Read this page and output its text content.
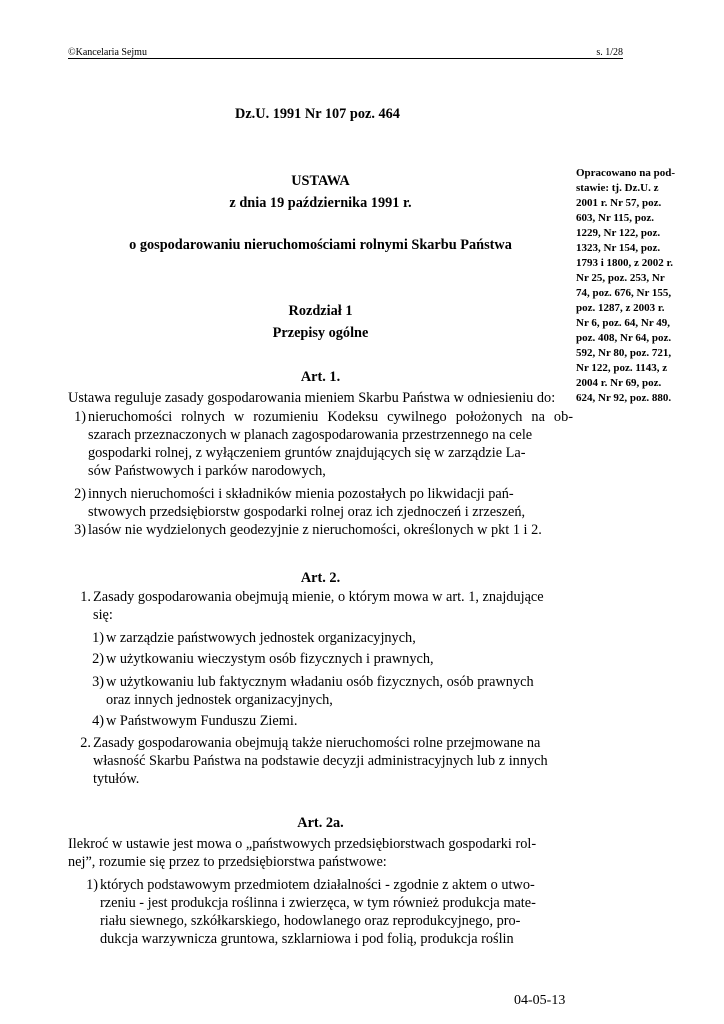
©Kancelaria Sejmu	s. 1/28
Dz.U. 1991 Nr 107 poz. 464
USTAWA
z dnia 19 października 1991 r.
o gospodarowaniu nieruchomościami rolnymi Skarbu Państwa
Opracowano na pod-
stawie: tj. Dz.U. z
2001 r. Nr 57, poz.
603, Nr 115, poz.
1229, Nr 122, poz.
1323, Nr 154, poz.
1793 i 1800, z 2002 r.
Nr 25, poz. 253, Nr
74, poz. 676, Nr 155,
poz. 1287, z 2003 r.
Nr 6, poz. 64, Nr 49,
poz. 408, Nr 64, poz.
592, Nr 80, poz. 721,
Nr 122, poz. 1143, z
2004 r. Nr 69, poz.
624, Nr 92, poz. 880.
Rozdział 1
Przepisy ogólne
Art. 1.
Ustawa reguluje zasady gospodarowania mieniem Skarbu Państwa w odniesieniu do:
1) nieruchomości rolnych w rozumieniu Kodeksu cywilnego położonych na ob-
szarach przeznaczonych w planach zagospodarowania przestrzennego na cele
gospodarki rolnej, z wyłączeniem gruntów znajdujących się w zarządzie La-
sów Państwowych i parków narodowych,
2) innych nieruchomości i składników mienia pozostałych po likwidacji pań-
stwowych przedsiębiorstw gospodarki rolnej oraz ich zjednoczeń i zrzeszeń,
3) lasów nie wydzielonych geodezyjnie z nieruchomości, określonych w pkt 1 i 2.
Art. 2.
1. Zasady gospodarowania obejmują mienie, o którym mowa w art. 1, znajdujące
się:
1) w zarządzie państwowych jednostek organizacyjnych,
2) w użytkowaniu wieczystym osób fizycznych i prawnych,
3) w użytkowaniu lub faktycznym władaniu osób fizycznych, osób prawnych
oraz innych jednostek organizacyjnych,
4) w Państwowym Funduszu Ziemi.
2. Zasady gospodarowania obejmują także nieruchomości rolne przejmowane na
własność Skarbu Państwa na podstawie decyzji administracyjnych lub z innych
tytułów.
Art. 2a.
Ilekroć w ustawie jest mowa o „państwowych przedsiębiorstwach gospodarki rol-
nej”, rozumie się przez to przedsiębiorstwa państwowe:
1) których podstawowym przedmiotem działalności - zgodnie z aktem o utwo-
rzeniu - jest produkcja roślinna i zwierzęca, w tym również produkcja mate-
riału siewnego, szkółkarskiego, hodowlanego oraz reprodukcyjnego, pro-
dukcja warzywnicza gruntowa, szklarniowa i pod folią, produkcja roślin
04-05-13
